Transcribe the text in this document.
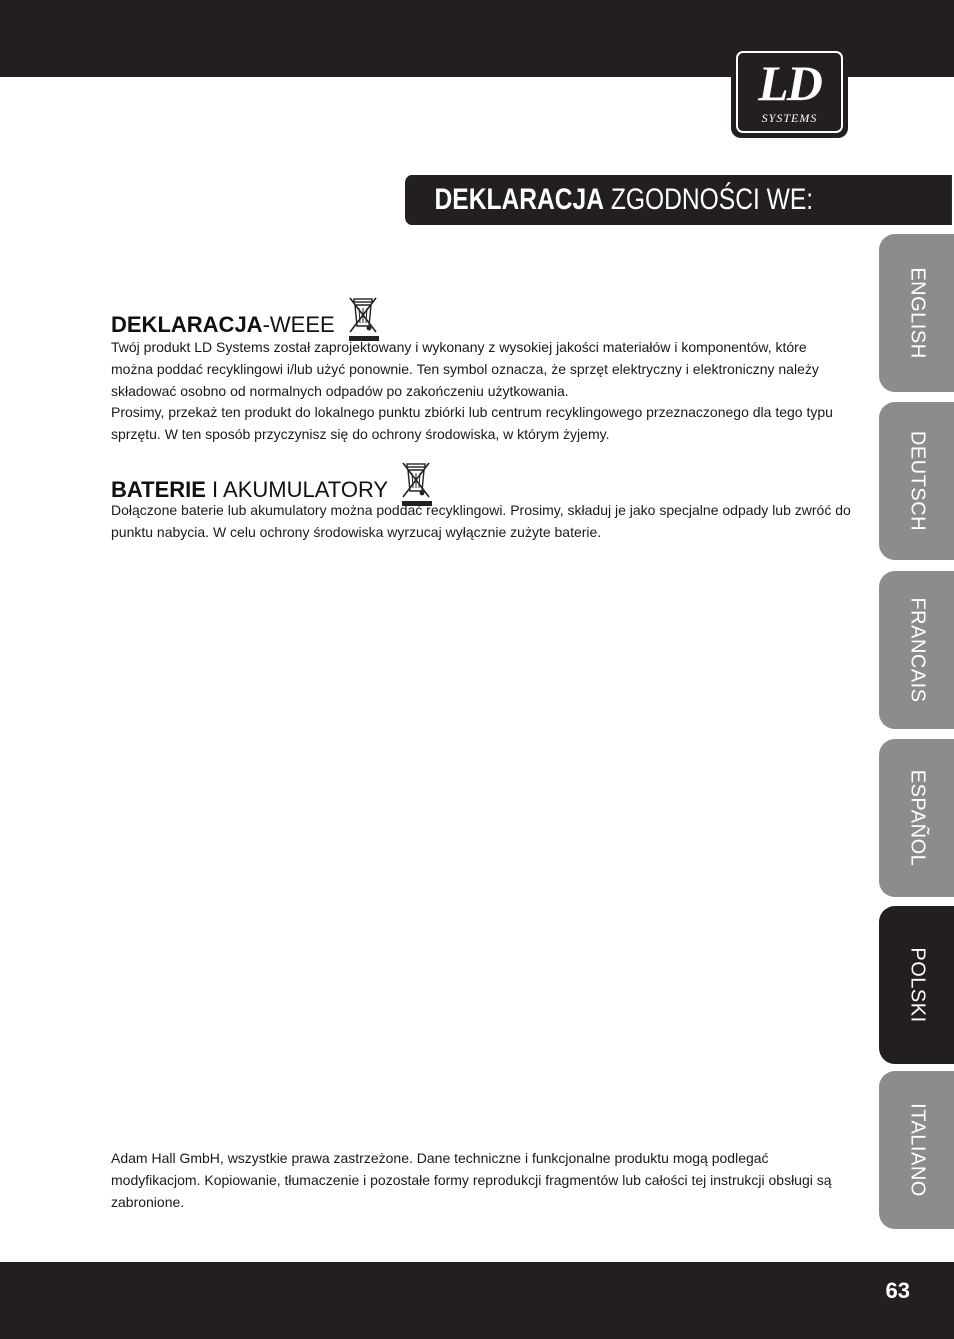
LD
SYSTEMS
DEKLARACJA ZGODNOŚCI WE:
DEKLARACJA-WEEE
Twój produkt LD Systems został zaprojektowany i wykonany z wysokiej jakości materiałów i komponentów, które można poddać recyklingowi i/lub użyć ponownie. Ten symbol oznacza, że sprzęt elektryczny i elektroniczny należy składować osobno od normalnych odpadów po zakończeniu użytkowania.
Prosimy, przekaż ten produkt do lokalnego punktu zbiórki lub centrum recyklingowego przeznaczonego dla tego typu sprzętu. W ten sposób przyczynisz się do ochrony środowiska, w którym żyjemy.
BATERIE I AKUMULATORY
Dołączone baterie lub akumulatory można poddać recyklingowi. Prosimy, składuj je jako specjalne odpady lub zwróć do punktu nabycia. W celu ochrony środowiska wyrzucaj wyłącznie zużyte baterie.
Adam Hall GmbH, wszystkie prawa zastrzeżone. Dane techniczne i funkcjonalne produktu mogą podlegać modyfikacjom. Kopiowanie, tłumaczenie i pozostałe formy reprodukcji fragmentów lub całości tej instrukcji obsługi są zabronione.
ENGLISH
DEUTSCH
FRANCAIS
ESPAÑOL
POLSKI
ITALIANO
63
